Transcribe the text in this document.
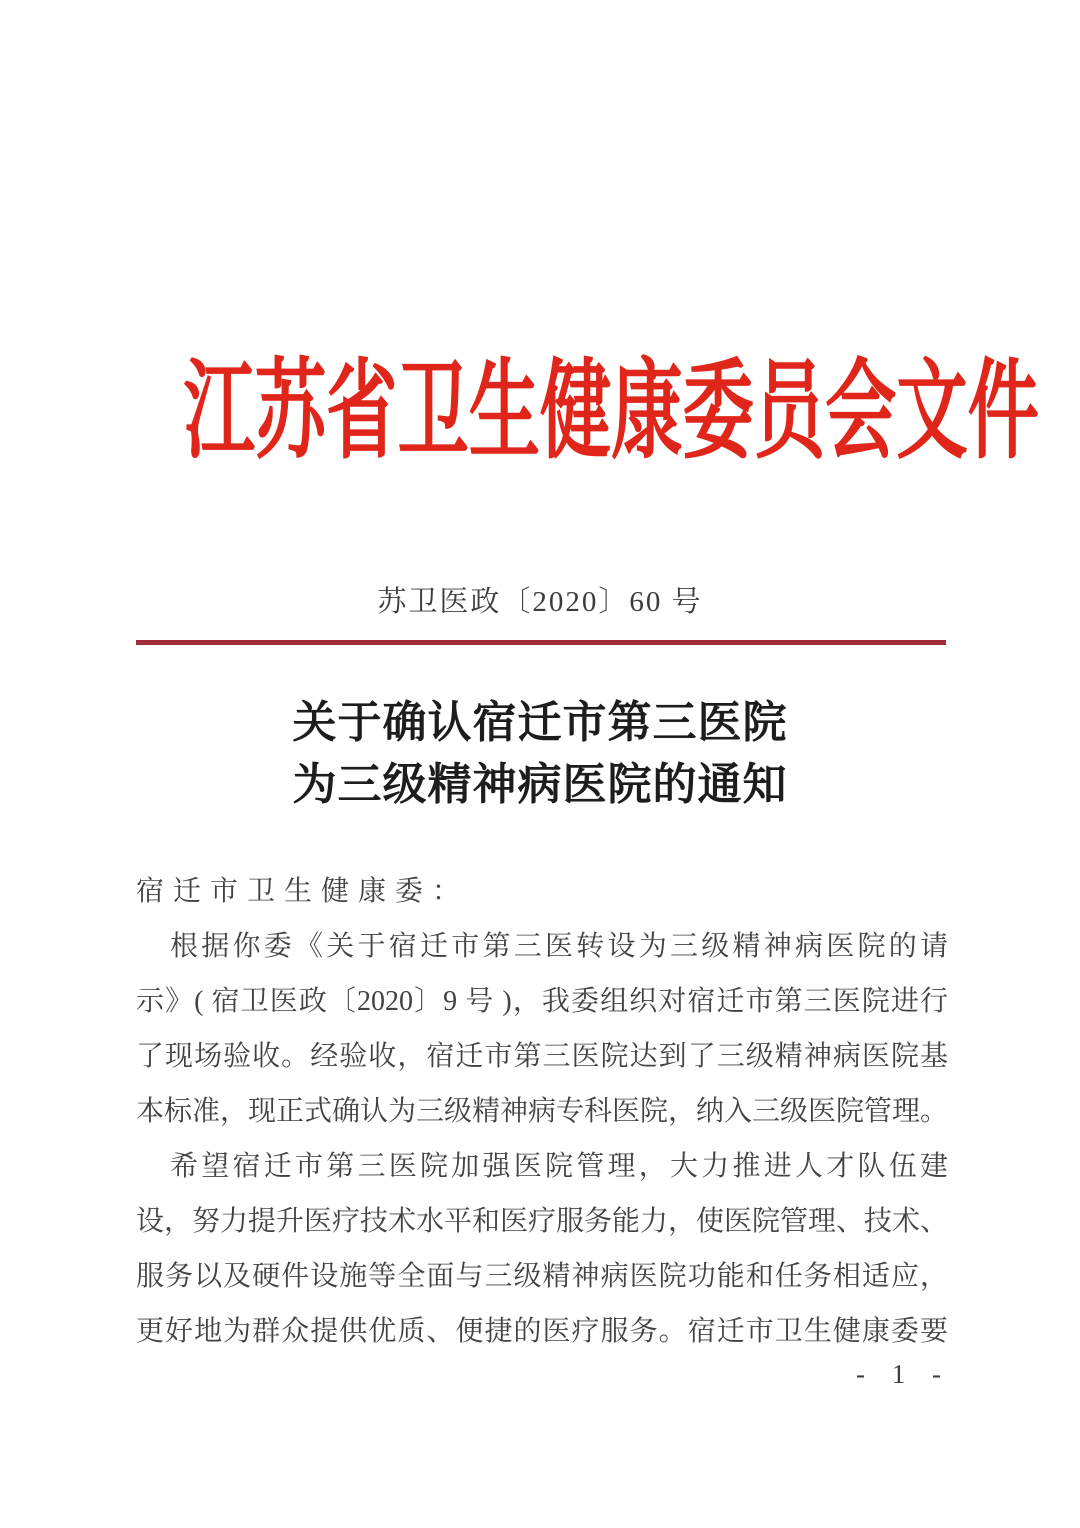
江苏省卫生健康委员会文件
苏卫医政〔2020〕60 号
关于确认宿迁市第三医院
为三级精神病医院的通知
宿迁市卫生健康委：
根据你委《关于宿迁市第三医转设为三级精神病医院的请
示》( 宿卫医政〔2020〕9 号 )，我委组织对宿迁市第三医院进行
了现场验收。经验收，宿迁市第三医院达到了三级精神病医院基
本标准，现正式确认为三级精神病专科医院，纳入三级医院管理。
希望宿迁市第三医院加强医院管理，大力推进人才队伍建
设，努力提升医疗技术水平和医疗服务能力，使医院管理、技术、
服务以及硬件设施等全面与三级精神病医院功能和任务相适应，
更好地为群众提供优质、便捷的医疗服务。宿迁市卫生健康委要
- 1 -
